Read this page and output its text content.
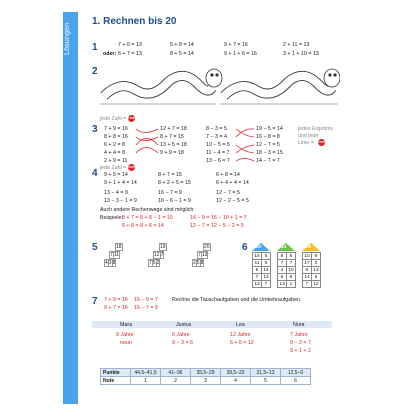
Lösungen
1. Rechnen bis 20
1
2
3
4
5	6
7
7 + 6 = 13	5 + 8 = 14	9 + 7 = 16	2 + 11 = 13
oder: 6 + 7 = 13	8 + 5 = 14	9 + 1 + 6 = 16	3 + 1 + 10 = 13
jede Zahl = STOP
7 + 9 = 16
8 + 8 = 16
6 + 2 = 8
4 + 4 = 8
2 + 9 = 11
12 + 7 = 18
8 + 7 = 15
13 + 5 = 18
9 + 9 = 18
8 − 3 = 5
7 − 3 = 4
10 − 5 = 5
11 − 4 = 7
13 − 6 = 7
19 − 5 = 14
16 − 8 = 8
12 − 7 = 5
18 − 3 = 15
14 − 7 = 7
jedes Ergebnis
und jede
Linie = STOP
jede Zahl = STOP
9 + 5 = 14
9 + 1 + 4 = 14
8 + 7 = 15
8 + 2 + 5 = 15
6 + 8 = 14
6 + 4 + 4 = 14
13 − 4 = 9
13 − 3 − 1 = 9
16 − 7 = 9
16 − 6 − 1 = 9
12 − 7 = 5
12 − 2 − 5 = 5
Auch andere Rechenwege sind möglich:
Beispiele: 8 + 7 = 8 + 8 − 1 = 15
6 + 8 = 8 + 6 = 14
16 − 9 = 16 − 10 + 1 = 7
12 − 7 = 12 − 5 − 2 = 5
18
7	11
4	3	8
19
12	7
7	5	2
20
7	13
2	5	8
20	14	19
15	5
11	9
6	14
7	13
13	7
8	6
7	7
4	10
6	8
13	1
10	9
17	2
6	13
14	5
7	12
7 + 9 = 16
9 + 7 = 16
16 − 9 = 7
16 − 7 = 9
Rechne die Tauschaufgaben und die Umkehraufgaben.
Mara	Justus	Lea	Nora
9 Jahre	6 Jahre	12 Jahre	7 Jahre
neun	9 − 3 = 6	6 + 6 = 12	9 − 2 = 7
9 + 1 + 2
Punkte	44,5–41,5	41–36	35,5–29	28,5–22	21,5–13	12,5–0
Note	1	2	3	4	5	6
